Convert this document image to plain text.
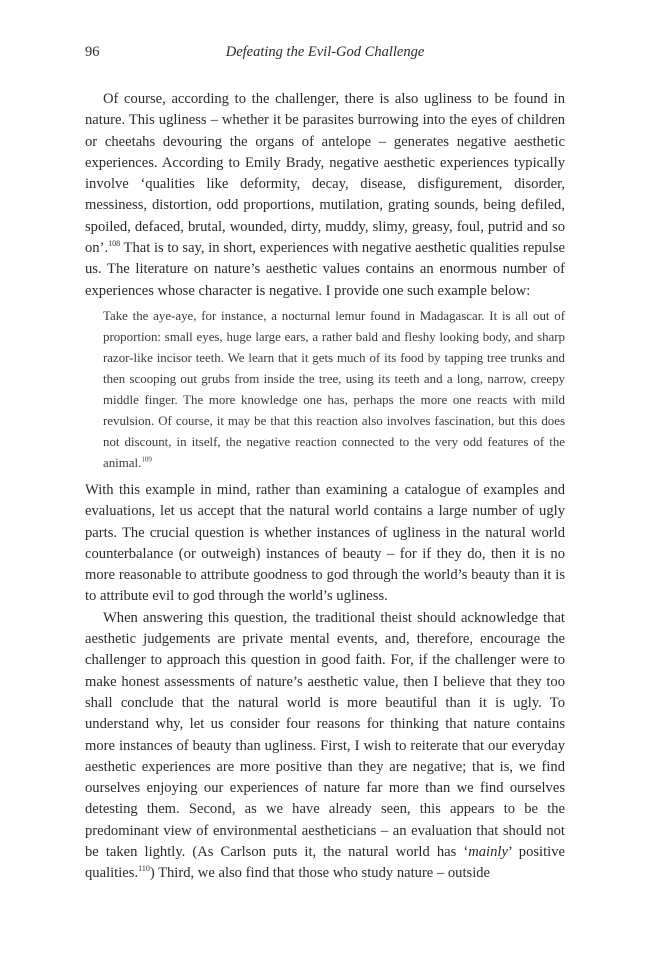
96	Defeating the Evil-God Challenge

Of course, according to the challenger, there is also ugliness to be found in nature. This ugliness – whether it be parasites burrowing into the eyes of children or cheetahs devouring the organs of antelope – generates negative aesthetic experiences. According to Emily Brady, negative aesthetic experiences typically involve ‘qualities like deformity, decay, disease, disfigurement, disorder, messiness, distortion, odd proportions, mutilation, grating sounds, being defiled, spoiled, defaced, brutal, wounded, dirty, muddy, slimy, greasy, foul, putrid and so on’.$^{108}$ That is to say, in short, experiences with negative aesthetic qualities repulse us. The literature on nature’s aesthetic values contains an enormous number of experiences whose character is negative. I provide one such example below:

Take the aye-aye, for instance, a nocturnal lemur found in Madagascar. It is all out of proportion: small eyes, huge large ears, a rather bald and fleshy looking body, and sharp razor-like incisor teeth. We learn that it gets much of its food by tapping tree trunks and then scooping out grubs from inside the tree, using its teeth and a long, narrow, creepy middle finger. The more knowledge one has, perhaps the more one reacts with mild revulsion. Of course, it may be that this reaction also involves fascination, but this does not discount, in itself, the negative reaction connected to the very odd features of the animal.$^{109}$

With this example in mind, rather than examining a catalogue of examples and evaluations, let us accept that the natural world contains a large number of ugly parts. The crucial question is whether instances of ugliness in the natural world counterbalance (or outweigh) instances of beauty – for if they do, then it is no more reasonable to attribute goodness to god through the world’s beauty than it is to attribute evil to god through the world’s ugliness.

When answering this question, the traditional theist should acknowledge that aesthetic judgements are private mental events, and, therefore, encourage the challenger to approach this question in good faith. For, if the challenger were to make honest assessments of nature’s aesthetic value, then I believe that they too shall conclude that the natural world is more beautiful than it is ugly. To understand why, let us consider four reasons for thinking that nature contains more instances of beauty than ugliness. First, I wish to reiterate that our everyday aesthetic experiences are more positive than they are negative; that is, we find ourselves enjoying our experiences of nature far more than we find ourselves detesting them. Second, as we have already seen, this appears to be the predominant view of environmental aestheticians – an evaluation that should not be taken lightly. (As Carlson puts it, the natural world has ‘mainly’ positive qualities.$^{110}$) Third, we also find that those who study nature – outside
